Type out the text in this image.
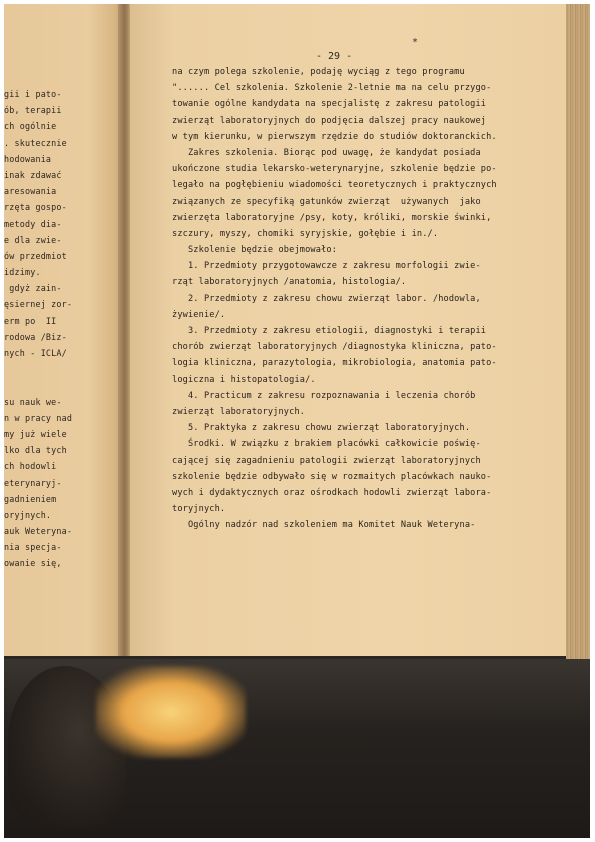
gii i pato-
ób, terapii
ch ogólnie
. skutecznie
hodowania
inak zdawać
aresowania
rzęta gospo-
metody dia-
e dla zwie-
ów przedmiot
idzimy.
gdyż zain-
ęsiernej zor-
erm po  II
rodowa /Biz-
nych - ICLA/
su nauk we-
n w pracy nad
my już wiele
lko dla tych
ch hodowli
eterynaryj-
gadnieniem
oryjnych.
auk Weteryna-
nia specja-
owanie się,
*
- 29 -
na czym polega szkolenie, podaję wyciąg z tego programu
"...... Cel szkolenia. Szkolenie 2-letnie ma na celu przygo-
towanie ogólne kandydata na specjalistę z zakresu patologii
zwierząt laboratoryjnych do podjęcia dalszej pracy naukowej
w tym kierunku, w pierwszym rzędzie do studiów doktoranckich.
Zakres szkolenia. Biorąc pod uwagę, że kandydat posiada
ukończone studia lekarsko-weterynaryjne, szkolenie będzie po-
legało na pogłębieniu wiadomości teoretycznych i praktycznych
związanych ze specyfiką gatunków zwierząt  używanych  jako
zwierzęta laboratoryjne /psy, koty, króliki, morskie świnki,
szczury, myszy, chomiki syryjskie, gołębie i in./.
Szkolenie będzie obejmowało:
1. Przedmioty przygotowawcze z zakresu morfologii zwie-
rząt laboratoryjnych /anatomia, histologia/.
2. Przedmioty z zakresu chowu zwierząt labor. /hodowla,
żywienie/.
3. Przedmioty z zakresu etiologii, diagnostyki i terapii
chorób zwierząt laboratoryjnych /diagnostyka kliniczna, pato-
logia kliniczna, parazytologia, mikrobiologia, anatomia pato-
logiczna i histopatologia/.
4. Practicum z zakresu rozpoznawania i leczenia chorób
zwierząt laboratoryjnych.
5. Praktyka z zakresu chowu zwierząt laboratoryjnych.
Środki. W związku z brakiem placówki całkowicie poświę-
cającej się zagadnieniu patologii zwierząt laboratoryjnych
szkolenie będzie odbywało się w rozmaitych placówkach nauko-
wych i dydaktycznych oraz ośrodkach hodowli zwierząt labora-
toryjnych.
Ogólny nadzór nad szkoleniem ma Komitet Nauk Weteryna-
